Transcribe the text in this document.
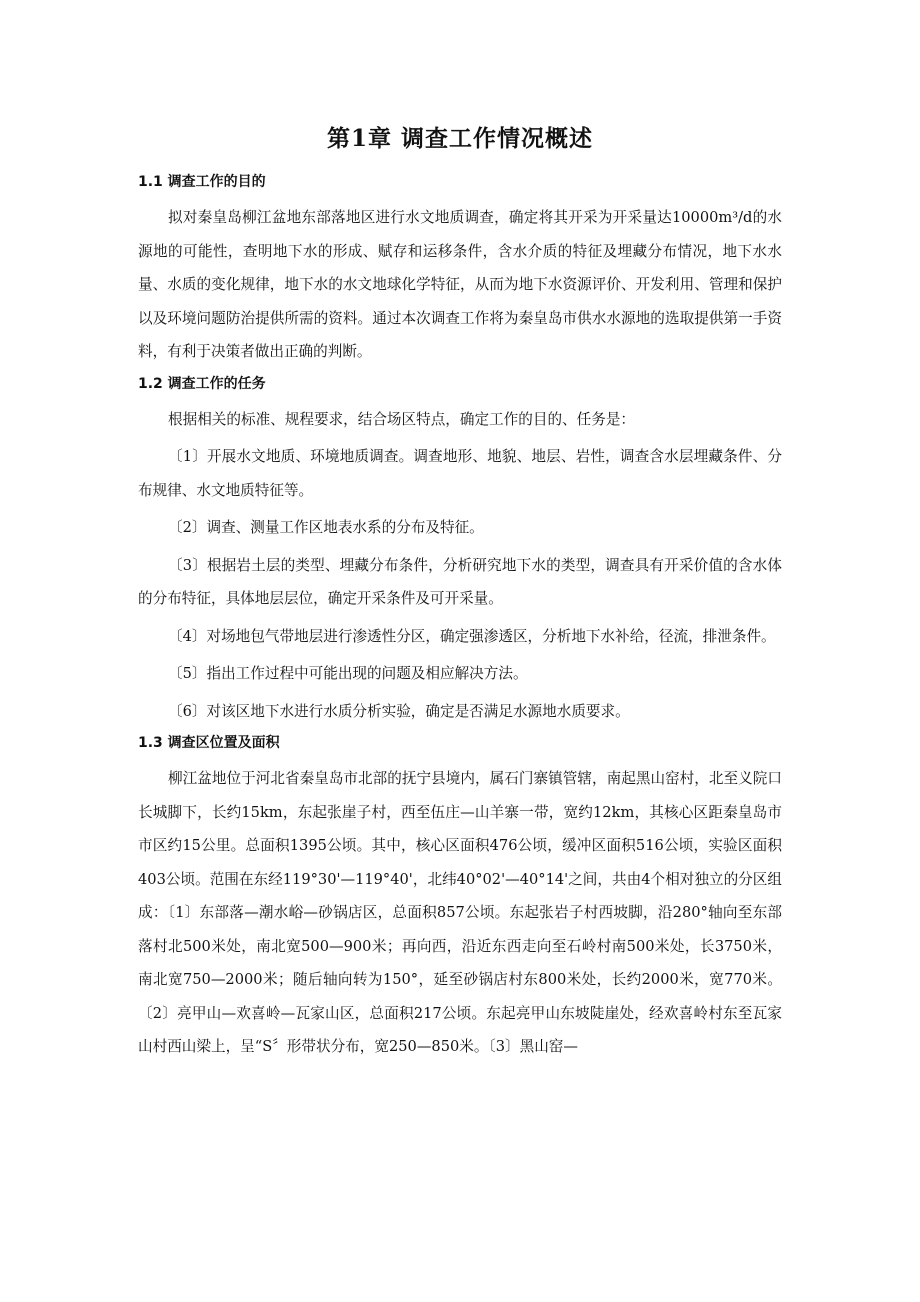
第1章 调查工作情况概述
1.1 调查工作的目的

拟对秦皇岛柳江盆地东部落地区进行水文地质调查，确定将其开采为开采量达10000m³/d的水源地的可能性，查明地下水的形成、赋存和运移条件，含水介质的特征及埋藏分布情况，地下水水量、水质的变化规律，地下水的水文地球化学特征，从而为地下水资源评价、开发利用、管理和保护以及环境问题防治提供所需的资料。通过本次调查工作将为秦皇岛市供水水源地的选取提供第一手资料，有利于决策者做出正确的判断。

1.2 调查工作的任务

根据相关的标准、规程要求，结合场区特点，确定工作的目的、任务是：

〔1〕开展水文地质、环境地质调查。调查地形、地貌、地层、岩性，调查含水层埋藏条件、分布规律、水文地质特征等。

〔2〕调查、测量工作区地表水系的分布及特征。

〔3〕根据岩土层的类型、埋藏分布条件，分析研究地下水的类型，调查具有开采价值的含水体的分布特征，具体地层层位，确定开采条件及可开采量。

〔4〕对场地包气带地层进行渗透性分区，确定强渗透区，分析地下水补给，径流，排泄条件。

〔5〕指出工作过程中可能出现的问题及相应解决方法。

〔6〕对该区地下水进行水质分析实验，确定是否满足水源地水质要求。

1.3 调查区位置及面积

柳江盆地位于河北省秦皇岛市北部的抚宁县境内，属石门寨镇管辖，南起黑山窑村，北至义院口长城脚下，长约15km，东起张崖子村，西至伍庄—山羊寨一带，宽约12km，其核心区距秦皇岛市市区约15公里。总面积1395公顷。其中，核心区面积476公顷，缓冲区面积516公顷，实验区面积403公顷。范围在东经119°30'—119°40'，北纬40°02'—40°14'之间，共由4个相对独立的分区组成：〔1〕东部落—潮水峪—砂锅店区，总面积857公顷。东起张岩子村西坡脚，沿280°轴向至东部落村北500米处，南北宽500—900米；再向西，沿近东西走向至石岭村南500米处，长3750米，南北宽750—2000米；随后轴向转为150°，延至砂锅店村东800米处，长约2000米，宽770米。〔2〕亮甲山—欢喜岭—瓦家山区，总面积217公顷。东起亮甲山东坡陡崖处，经欢喜岭村东至瓦家山村西山梁上，呈“S〞形带状分布，宽250—850米。〔3〕黑山窑—
